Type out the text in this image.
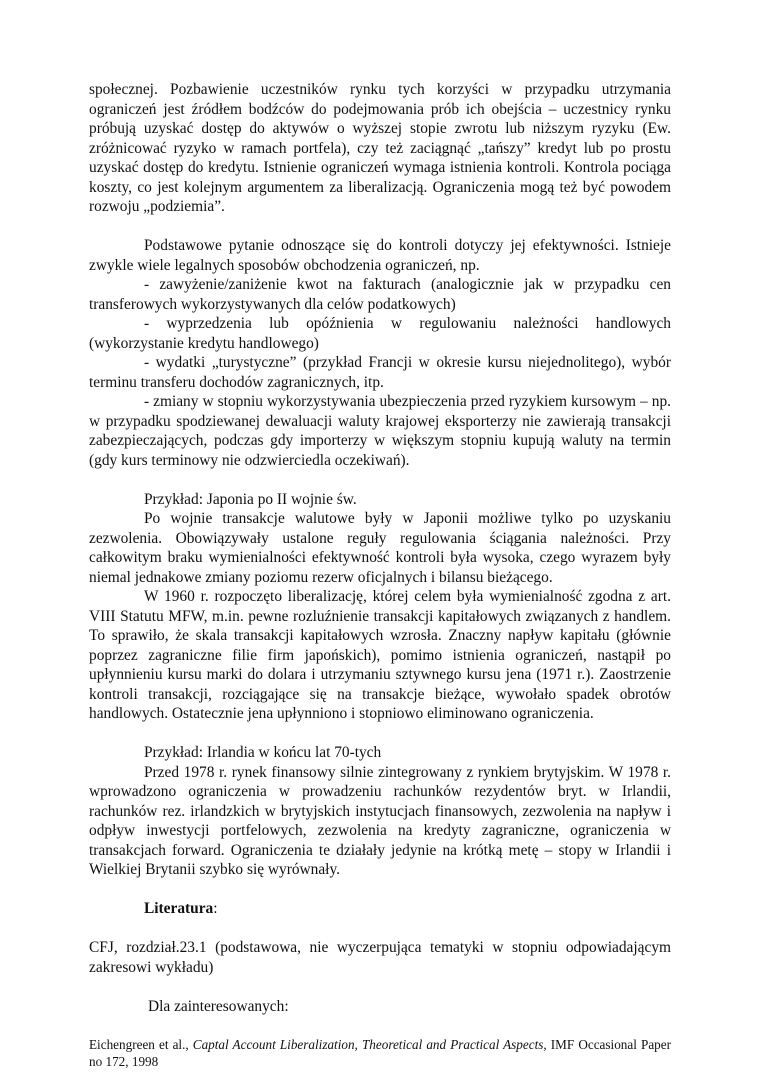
społecznej. Pozbawienie uczestników rynku tych korzyści w przypadku utrzymania ograniczeń jest źródłem bodźców do podejmowania prób ich obejścia – uczestnicy rynku próbują uzyskać dostęp do aktywów o wyższej stopie zwrotu lub niższym ryzyku (Ew. zróżnicować ryzyko w ramach portfela), czy też zaciągnąć „tańszy” kredyt lub po prostu uzyskać dostęp do kredytu. Istnienie ograniczeń wymaga istnienia kontroli. Kontrola pociąga koszty, co jest kolejnym argumentem za liberalizacją. Ograniczenia mogą też być powodem rozwoju „podziemia”.

Podstawowe pytanie odnoszące się do kontroli dotyczy jej efektywności. Istnieje zwykle wiele legalnych sposobów obchodzenia ograniczeń, np.

- zawyżenie/zaniżenie kwot na fakturach (analogicznie jak w przypadku cen transferowych wykorzystywanych dla celów podatkowych)

- wyprzedzenia lub opóźnienia w regulowaniu należności handlowych (wykorzystanie kredytu handlowego)

- wydatki „turystyczne” (przykład Francji w okresie kursu niejednolitego), wybór terminu transferu dochodów zagranicznych, itp.

- zmiany w stopniu wykorzystywania ubezpieczenia przed ryzykiem kursowym – np. w przypadku spodziewanej dewaluacji waluty krajowej eksporterzy nie zawierają transakcji zabezpieczających, podczas gdy importerzy w większym stopniu kupują waluty na termin (gdy kurs terminowy nie odzwierciedla oczekiwań).

Przykład: Japonia po II wojnie św.

Po wojnie transakcje walutowe były w Japonii możliwe tylko po uzyskaniu zezwolenia. Obowiązywały ustalone reguły regulowania ściągania należności. Przy całkowitym braku wymienialności efektywność kontroli była wysoka, czego wyrazem były niemal jednakowe zmiany poziomu rezerw oficjalnych i bilansu bieżącego.

W 1960 r. rozpoczęto liberalizację, której celem była wymienialność zgodna z art. VIII Statutu MFW, m.in. pewne rozluźnienie transakcji kapitałowych związanych z handlem. To sprawiło, że skala transakcji kapitałowych wzrosła. Znaczny napływ kapitału (głównie poprzez zagraniczne filie firm japońskich), pomimo istnienia ograniczeń, nastąpił po upłynnieniu kursu marki do dolara i utrzymaniu sztywnego kursu jena (1971 r.). Zaostrzenie kontroli transakcji, rozciągające się na transakcje bieżące, wywołało spadek obrotów handlowych. Ostatecznie jena upłynniono i stopniowo eliminowano ograniczenia.

Przykład: Irlandia w końcu lat 70-tych

Przed 1978 r. rynek finansowy silnie zintegrowany z rynkiem brytyjskim. W 1978 r. wprowadzono ograniczenia w prowadzeniu rachunków rezydentów bryt. w Irlandii, rachunków rez. irlandzkich w brytyjskich instytucjach finansowych, zezwolenia na napływ i odpływ inwestycji portfelowych, zezwolenia na kredyty zagraniczne, ograniczenia w transakcjach forward. Ograniczenia te działały jedynie na krótką metę – stopy w Irlandii i Wielkiej Brytanii szybko się wyrównały.

Literatura:

CFJ, rozdział.23.1 (podstawowa, nie wyczerpująca tematyki w stopniu odpowiadającym zakresowi wykładu)

Dla zainteresowanych:

Eichengreen et al., Captal Account Liberalization, Theoretical and Practical Aspects, IMF Occasional Paper no 172, 1998
